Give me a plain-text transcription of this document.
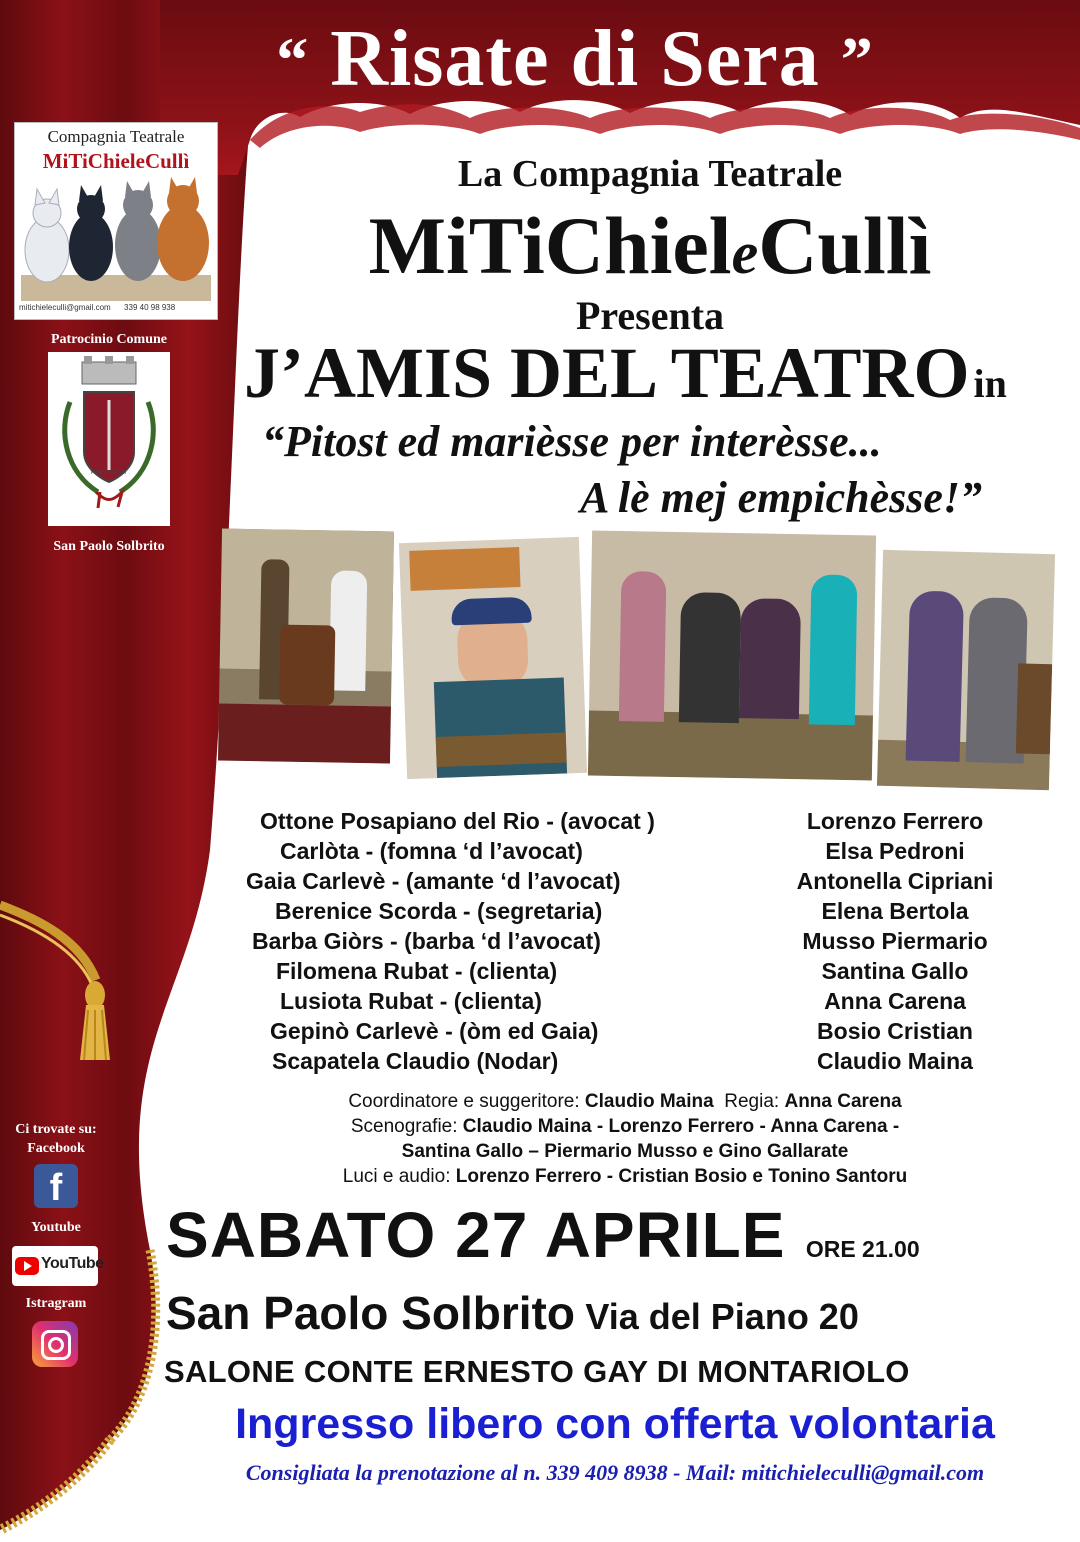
“ Risate di Sera ”
Compagnia Teatrale
MiTiChieleCullì
mitichieleculli@gmail.com 339 40 98 938
Patrocinio Comune
PIDEM SERVAT
San Paolo Solbrito
Ci trovate su:
Facebook
f
Youtube
YouTube
Istragram
La Compagnia Teatrale
MiTiChieleCullì
Presenta
J’AMIS DEL TEATRO in
“Pitost ed marièsse per interèsse...
A lè mej empichèsse!”
Ottone Posapiano del Rio - (avocat )
Carlòta - (fomna ‘d l’avocat)
Gaia Carlevè - (amante ‘d l’avocat)
Berenice Scorda - (segretaria)
Barba Giòrs - (barba ‘d l’avocat)
Filomena Rubat - (clienta)
Lusiota Rubat - (clienta)
Gepinò Carlevè - (òm ed Gaia)
Scapatela Claudio (Nodar)
Lorenzo Ferrero
Elsa Pedroni
Antonella Cipriani
Elena Bertola
Musso Piermario
Santina Gallo
Anna Carena
Bosio Cristian
Claudio Maina
Coordinatore e suggeritore: Claudio Maina Regia: Anna Carena
Scenografie: Claudio Maina - Lorenzo Ferrero - Anna Carena -
Santina Gallo – Piermario Musso e Gino Gallarate
Luci e audio: Lorenzo Ferrero - Cristian Bosio e Tonino Santoru
SABATO 27 APRILE ORE 21.00
San Paolo Solbrito Via del Piano 20
SALONE CONTE ERNESTO GAY DI MONTARIOLO
Ingresso libero con offerta volontaria
Consigliata la prenotazione al n. 339 409 8938 - Mail: mitichieleculli@gmail.com
